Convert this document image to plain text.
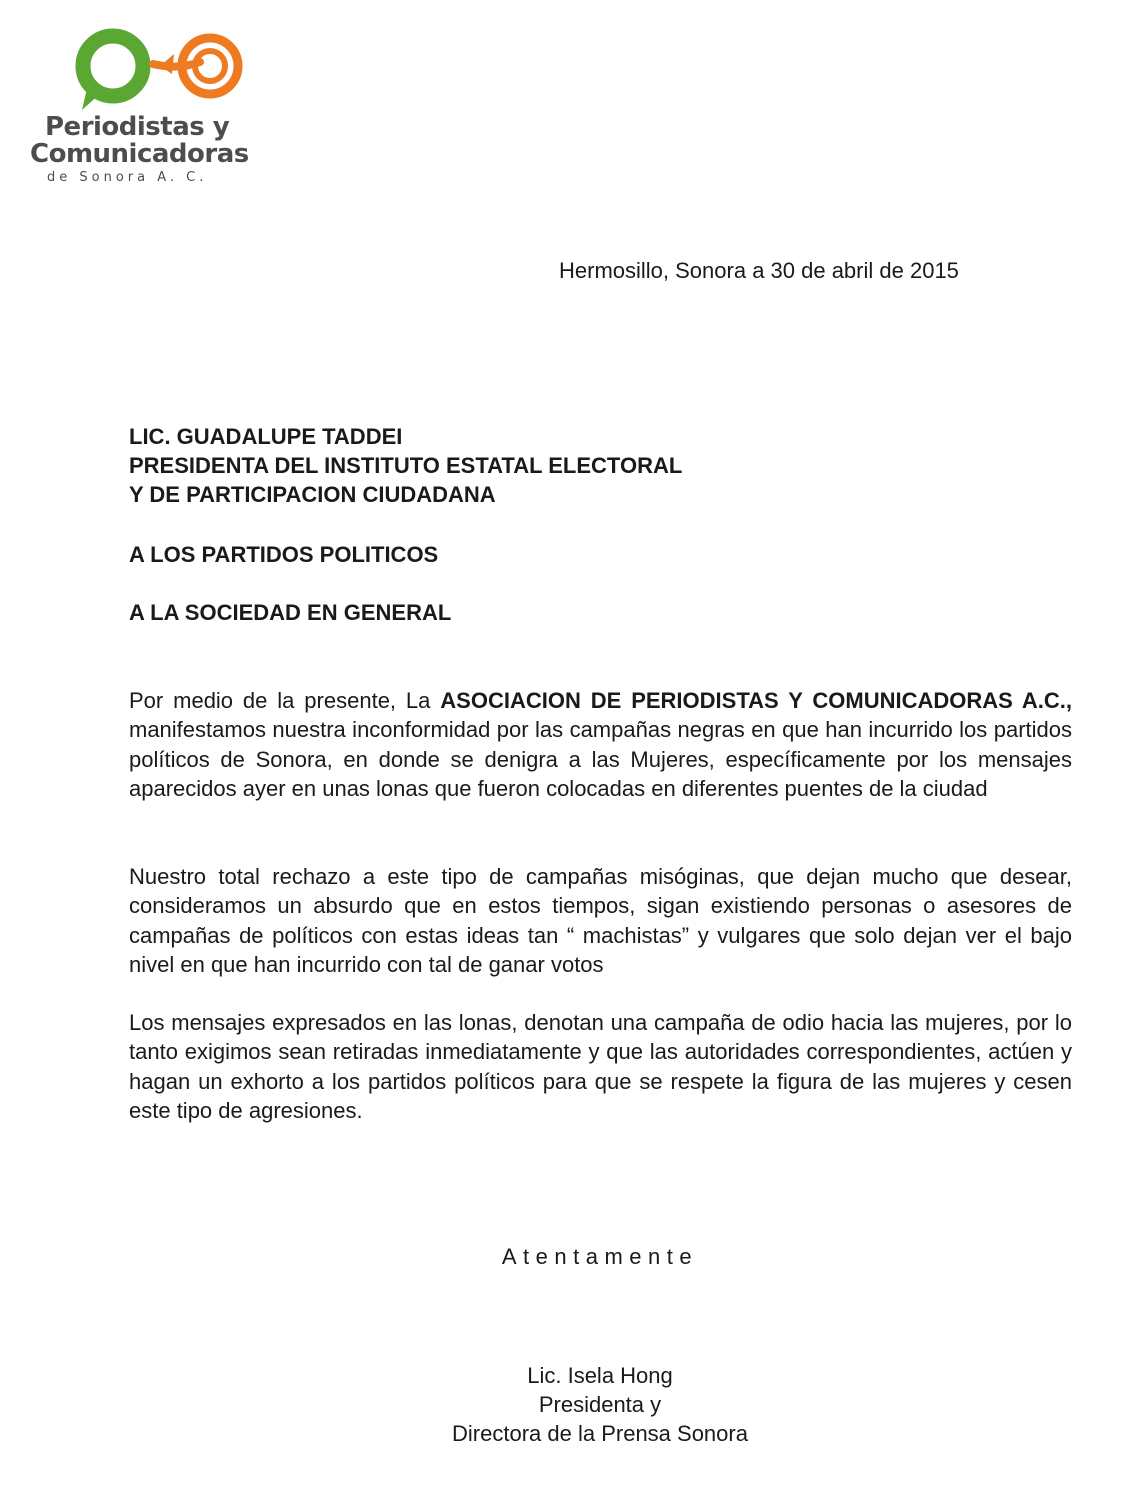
Periodistas y
Comunicadoras
de Sonora A. C.
Hermosillo, Sonora a 30 de abril de 2015
LIC. GUADALUPE TADDEI
PRESIDENTA DEL INSTITUTO ESTATAL ELECTORAL
Y DE PARTICIPACION CIUDADANA
A LOS PARTIDOS POLITICOS
A LA SOCIEDAD EN GENERAL
Por medio de la presente, La ASOCIACION DE PERIODISTAS Y COMUNICADORAS A.C., manifestamos nuestra inconformidad por las campañas negras en que han incurrido los partidos políticos de Sonora, en donde se denigra a las Mujeres, específicamente por los mensajes aparecidos ayer en unas lonas que fueron colocadas en diferentes puentes de la ciudad
Nuestro total rechazo a este tipo de campañas misóginas, que dejan mucho que desear, consideramos un absurdo que en estos tiempos, sigan existiendo personas o asesores de campañas de políticos con estas ideas tan “ machistas” y vulgares que solo dejan ver el bajo nivel en que han incurrido con tal de ganar votos
Los mensajes expresados en las lonas, denotan una campaña de odio hacia las mujeres, por lo tanto exigimos sean retiradas inmediatamente y que las autoridades correspondientes, actúen y hagan un exhorto a los partidos políticos para que se respete la figura de las mujeres y cesen este tipo de agresiones.
Atentamente
Lic. Isela Hong
Presidenta y
Directora de la Prensa Sonora
